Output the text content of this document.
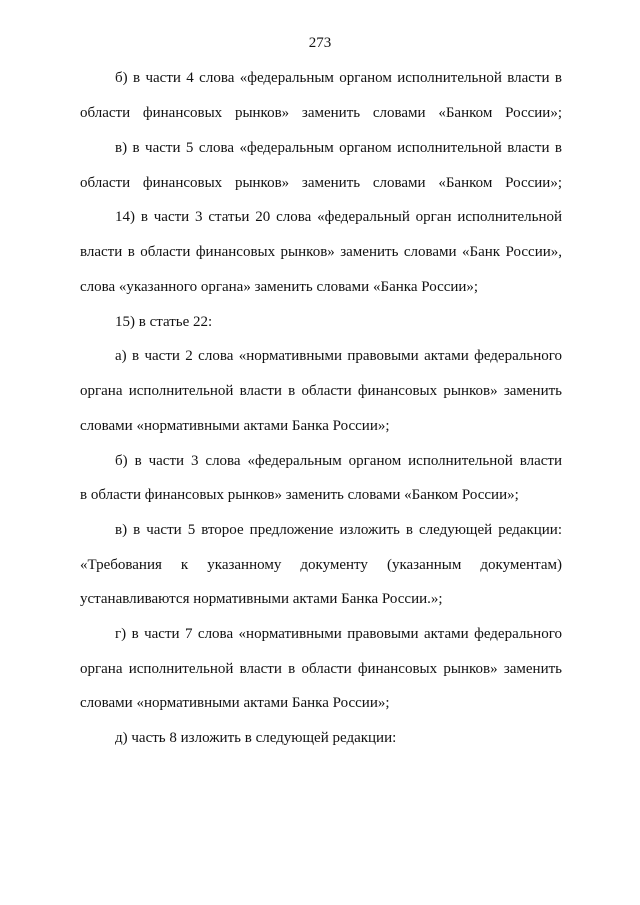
273
б) в части 4 слова «федеральным органом исполнительной власти в
области финансовых рынков» заменить словами «Банком России»;
в) в части 5 слова «федеральным органом исполнительной власти в
области финансовых рынков» заменить словами «Банком России»;
14) в части 3 статьи 20 слова «федеральный орган исполнительной
власти в области финансовых рынков» заменить словами «Банк России»,
слова «указанного органа» заменить словами «Банка России»;
15) в статье 22:
а) в части 2 слова «нормативными правовыми актами федерального
органа исполнительной власти в области финансовых рынков» заменить
словами «нормативными актами Банка России»;
б) в части 3 слова «федеральным органом исполнительной власти
в области финансовых рынков» заменить словами «Банком России»;
в) в части 5 второе предложение изложить в следующей редакции:
«Требования к указанному документу (указанным документам)
устанавливаются нормативными актами Банка России.»;
г) в части 7 слова «нормативными правовыми актами федерального
органа исполнительной власти в области финансовых рынков» заменить
словами «нормативными актами Банка России»;
д) часть 8 изложить в следующей редакции:
